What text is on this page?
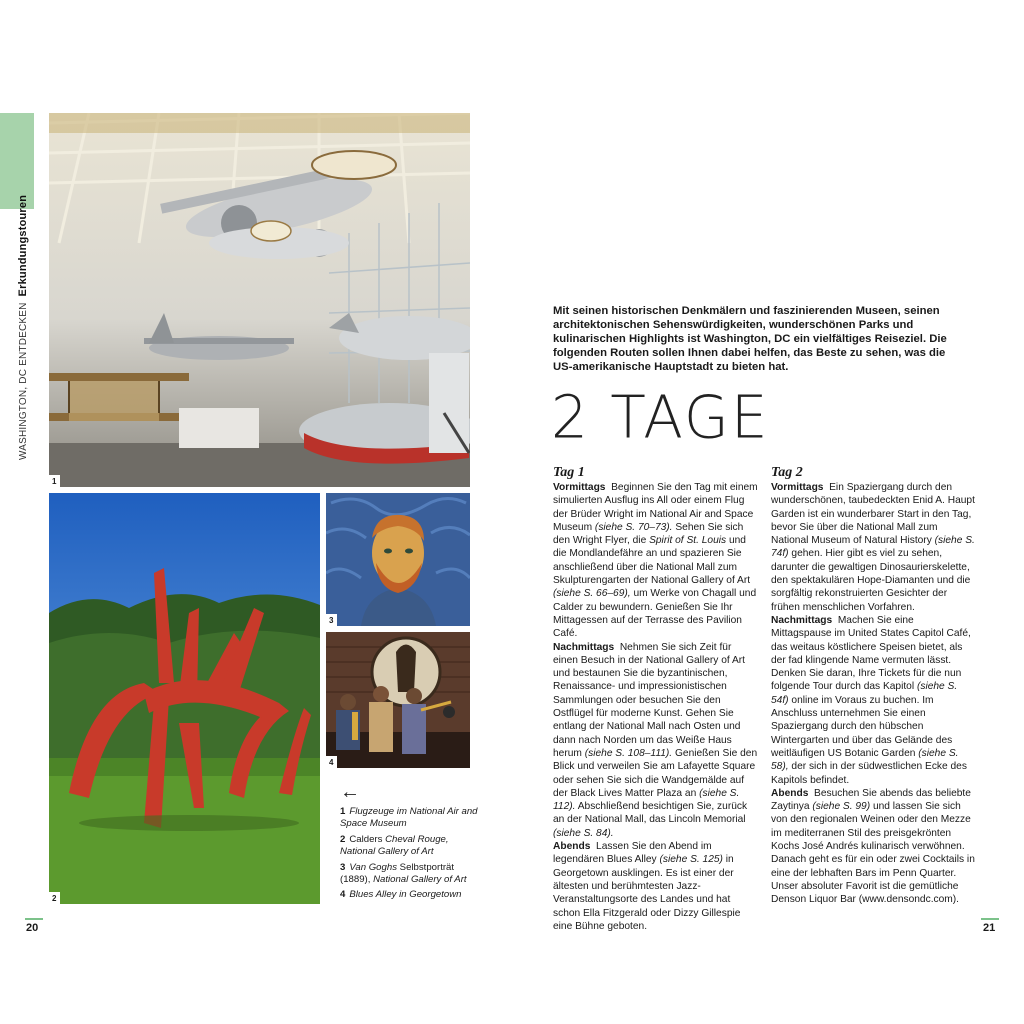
WASHINGTON, DC ENTDECKEN  Erkundungstouren
1
2
3
4
←
1 Flugzeuge im National Air and Space Museum
2 Calders Cheval Rouge, National Gallery of Art
3 Van Goghs Selbstporträt (1889), National Gallery of Art
4 Blues Alley in Georgetown
20	21
Mit seinen historischen Denkmälern und faszinierenden Museen, seinen architektonischen Sehenswürdigkeiten, wunderschönen Parks und kulinarischen Highlights ist Washington, DC ein vielfältiges Reiseziel. Die folgenden Routen sollen Ihnen dabei helfen, das Beste zu sehen, was die US-amerikanische Hauptstadt zu bieten hat.
2 TAGE
Tag 1

Vormittags Beginnen Sie den Tag mit einem simulierten Ausflug ins All oder einem Flug der Brüder Wright im National Air and Space Museum (siehe S. 70–73). Sehen Sie sich den Wright Flyer, die Spirit of St. Louis und die Mondlandefähre an und spazieren Sie anschließend über die National Mall zum Skulpturengarten der National Gallery of Art (siehe S. 66–69), um Werke von Chagall und Calder zu bewundern. Genießen Sie Ihr Mittagessen auf der Terrasse des Pavilion Café.
Nachmittags Nehmen Sie sich Zeit für einen Besuch in der National Gallery of Art und bestaunen Sie die byzantinischen, Renaissance- und impressionistischen Sammlungen oder besuchen Sie den Ostflügel für moderne Kunst. Gehen Sie entlang der National Mall nach Osten und dann nach Norden um das Weiße Haus herum (siehe S. 108–111). Genießen Sie den Blick und verweilen Sie am Lafayette Square oder sehen Sie sich die Wandgemälde auf der Black Lives Matter Plaza an (siehe S. 112). Abschließend besichtigen Sie, zurück an der National Mall, das Lincoln Memorial (siehe S. 84).
Abends Lassen Sie den Abend im legendären Blues Alley (siehe S. 125) in Georgetown ausklingen. Es ist einer der ältesten und berühmtesten Jazz-Veranstaltungsorte des Landes und hat schon Ella Fitzgerald oder Dizzy Gillespie eine Bühne geboten.

Tag 2

Vormittags Ein Spaziergang durch den wunderschönen, taubedeckten Enid A. Haupt Garden ist ein wunderbarer Start in den Tag, bevor Sie über die National Mall zum National Museum of Natural History (siehe S. 74f) gehen. Hier gibt es viel zu sehen, darunter die gewaltigen Dinosaurierskelette, den spektakulären Hope-Diamanten und die sorgfältig rekonstruierten Gesichter der frühen menschlichen Vorfahren.
Nachmittags Machen Sie eine Mittagspause im United States Capitol Café, das weitaus köstlichere Speisen bietet, als der fad klingende Name vermuten lässt. Denken Sie daran, Ihre Tickets für die nun folgende Tour durch das Kapitol (siehe S. 54f) online im Voraus zu buchen. Im Anschluss unternehmen Sie einen Spaziergang durch den hübschen Wintergarten und über das Gelände des weitläufigen US Botanic Garden (siehe S. 58), der sich in der südwestlichen Ecke des Kapitols befindet.
Abends Besuchen Sie abends das beliebte Zaytinya (siehe S. 99) und lassen Sie sich von den regionalen Weinen oder den Mezze im mediterranen Stil des preisgekrönten Kochs José Andrés kulinarisch verwöhnen. Danach geht es für ein oder zwei Cocktails in eine der lebhaften Bars im Penn Quarter. Unser absoluter Favorit ist die gemütliche Denson Liquor Bar (www.densondc.com).
